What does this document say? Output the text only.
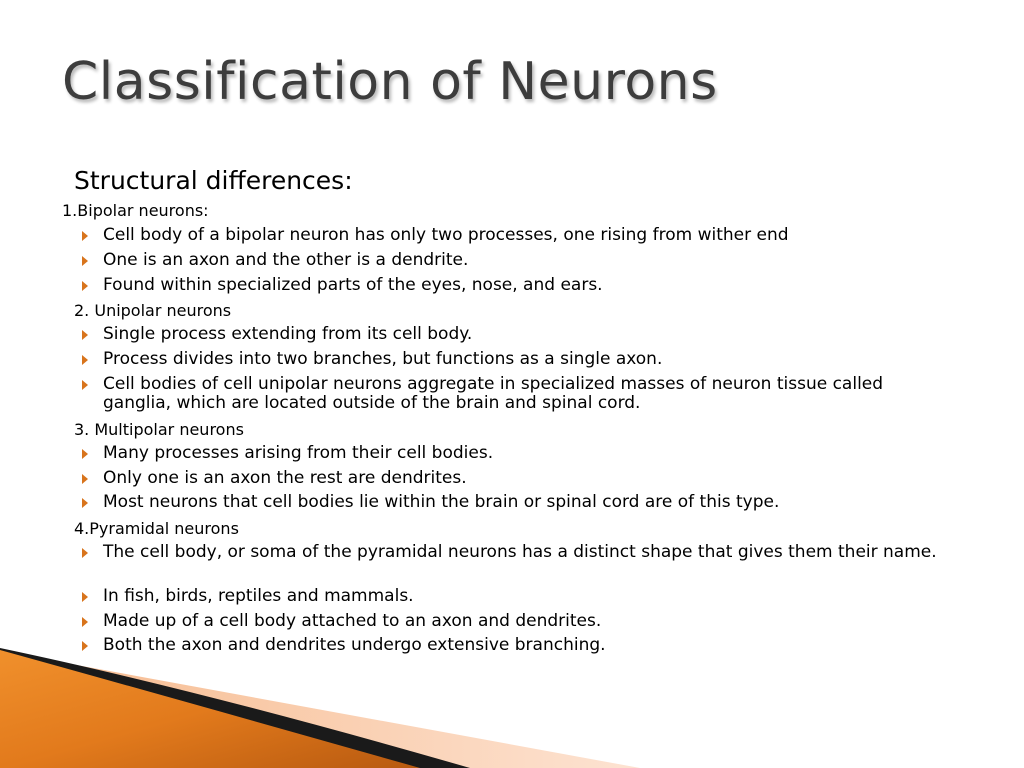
Classification of Neurons
Structural differences:
1.Bipolar neurons:
Cell body of a bipolar neuron has only two processes, one rising from wither end
One is an axon and the other is a dendrite.
Found within specialized parts of the eyes, nose, and ears.
2. Unipolar neurons
Single process extending from its cell body.
Process divides into two branches, but functions as a single axon.
Cell bodies of cell unipolar neurons aggregate in specialized masses of neuron tissue called ganglia, which are located outside of the brain and spinal cord.
3. Multipolar neurons
Many processes arising from their cell bodies.
Only one is an axon the rest are dendrites.
Most neurons that cell bodies lie within the brain or spinal cord are of this type.
4.Pyramidal neurons
The cell body, or soma of the pyramidal neurons has a distinct shape that gives them their name.
In fish, birds, reptiles and mammals.
Made up of a cell body attached to an axon and dendrites.
Both the axon and dendrites undergo extensive branching.
